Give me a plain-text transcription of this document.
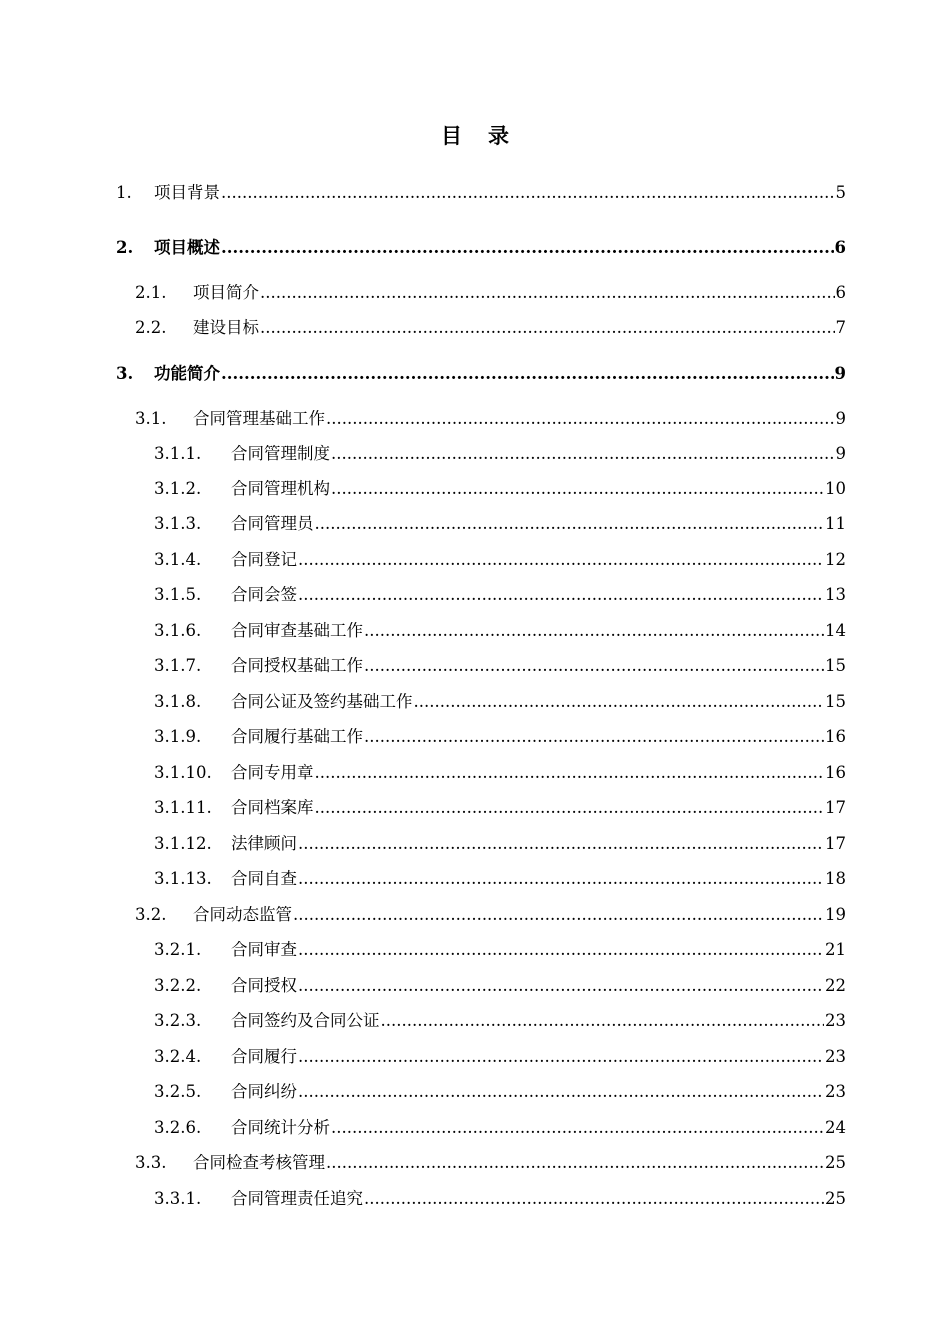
目 录
1. 项目背景 .....	5
2. 项目概述 .....	6
2.1. 项目简介 .....	6
2.2. 建设目标 .....	7
3. 功能简介 .....	9
3.1. 合同管理基础工作 .....	9
3.1.1. 合同管理制度 .....	9
3.1.2. 合同管理机构 .....	10
3.1.3. 合同管理员 .....	11
3.1.4. 合同登记 .....	12
3.1.5. 合同会签 .....	13
3.1.6. 合同审查基础工作 .....	14
3.1.7. 合同授权基础工作 .....	15
3.1.8. 合同公证及签约基础工作 .....	15
3.1.9. 合同履行基础工作 .....	16
3.1.10. 合同专用章 .....	16
3.1.11. 合同档案库 .....	17
3.1.12. 法律顾问 .....	17
3.1.13. 合同自查 .....	18
3.2. 合同动态监管 .....	19
3.2.1. 合同审查 .....	21
3.2.2. 合同授权 .....	22
3.2.3. 合同签约及合同公证 .....	23
3.2.4. 合同履行 .....	23
3.2.5. 合同纠纷 .....	23
3.2.6. 合同统计分析 .....	24
3.3. 合同检查考核管理 .....	25
3.3.1. 合同管理责任追究 .....	25
